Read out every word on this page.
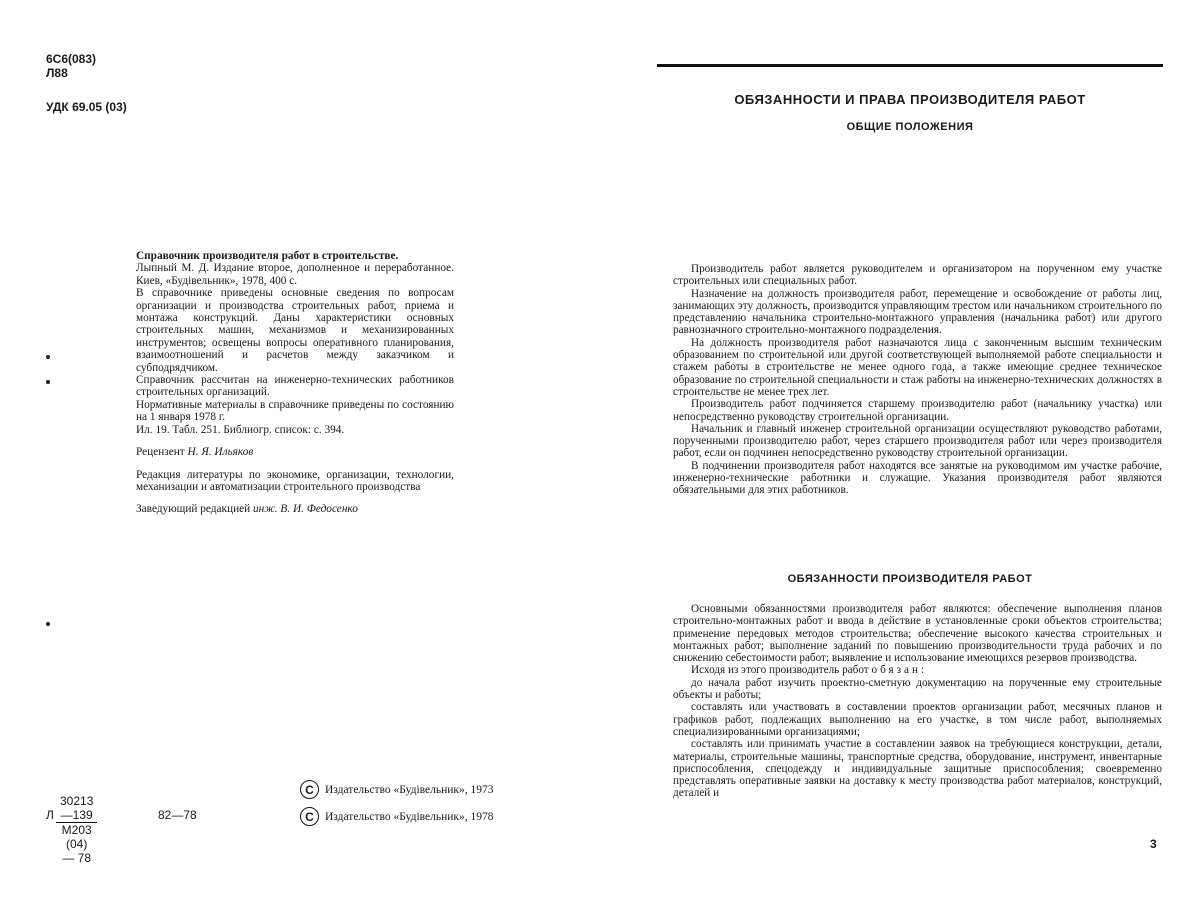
6С6(083)
Л88
УДК 69.05 (03)

Справочник производителя работ в строительстве.

Лыпный М. Д. Издание второе, дополненное и переработанное. Киев, «Будівельник», 1978, 400 с.

В справочнике приведены основные сведения по вопросам организации и производства строительных работ, приема и монтажа конструкций. Даны характеристики основных строительных машин, механизмов и механизированных инструментов; освещены вопросы оперативного планирования, взаимоотношений и расчетов между заказчиком и субподрядчиком.

Справочник рассчитан на инженерно-технических работников строительных организаций.

Нормативные материалы в справочнике приведены по состоянию на 1 января 1978 г.

Ил. 19. Табл. 251. Библиогр. список: с. 394.

Рецензент Н. Я. Ильяков

Редакция литературы по экономике, организации, технологии, механизации и автоматизации строительного производства

Заведующий редакцией инж. В. И. Федосенко

C Издательство «Будівельник», 1973
C Издательство «Будівельник», 1978
Л
30213—139
М203 (04) — 78
82—78
ОБЯЗАННОСТИ И ПРАВА ПРОИЗВОДИТЕЛЯ РАБОТ
ОБЩИЕ ПОЛОЖЕНИЯ

Производитель работ является руководителем и организатором на порученном ему участке строительных или специальных работ.

Назначение на должность производителя работ, перемещение и освобождение от работы лиц, занимающих эту должность, производится управляющим трестом или начальником строительного по представлению начальника строительно-монтажного управления (начальника работ) или другого равнозначного строительно-монтажного подразделения.

На должность производителя работ назначаются лица с законченным высшим техническим образованием по строительной или другой соответствующей выполняемой работе специальности и стажем работы в строительстве не менее одного года, а также имеющие среднее техническое образование по строительной специальности и стаж работы на инженерно-технических должностях в строительстве не менее трех лет.

Производитель работ подчиняется старшему производителю работ (начальнику участка) или непосредственно руководству строительной организации.

Начальник и главный инженер строительной организации осуществляют руководство работами, порученными производителю работ, через старшего производителя работ или через производителя работ, если он подчинен непосредственно руководству строительной организации.

В подчинении производителя работ находятся все занятые на руководимом им участке рабочие, инженерно-технические работники и служащие. Указания производителя работ являются обязательными для этих работников.

ОБЯЗАННОСТИ ПРОИЗВОДИТЕЛЯ РАБОТ

Основными обязанностями производителя работ являются: обеспечение выполнения планов строительно-монтажных работ и ввода в действие в установленные сроки объектов строительства; применение передовых методов строительства; обеспечение высокого качества строительных и монтажных работ; выполнение заданий по повышению производительности труда рабочих и по снижению себестоимости работ; выявление и использование имеющихся резервов производства.

Исходя из этого производитель работ обязан:

до начала работ изучить проектно-сметную документацию на порученные ему строительные объекты и работы;

составлять или участвовать в составлении проектов организации работ, месячных планов и графиков работ, подлежащих выполнению на его участке, в том числе работ, выполняемых специализированными организациями;

составлять или принимать участие в составлении заявок на требующиеся конструкции, детали, материалы, строительные машины, транспортные средства, оборудование, инструмент, инвентарные приспособления, спецодежду и индивидуальные защитные приспособления; своевременно представлять оперативные заявки на доставку к месту производства работ материалов, конструкций, деталей и

3
